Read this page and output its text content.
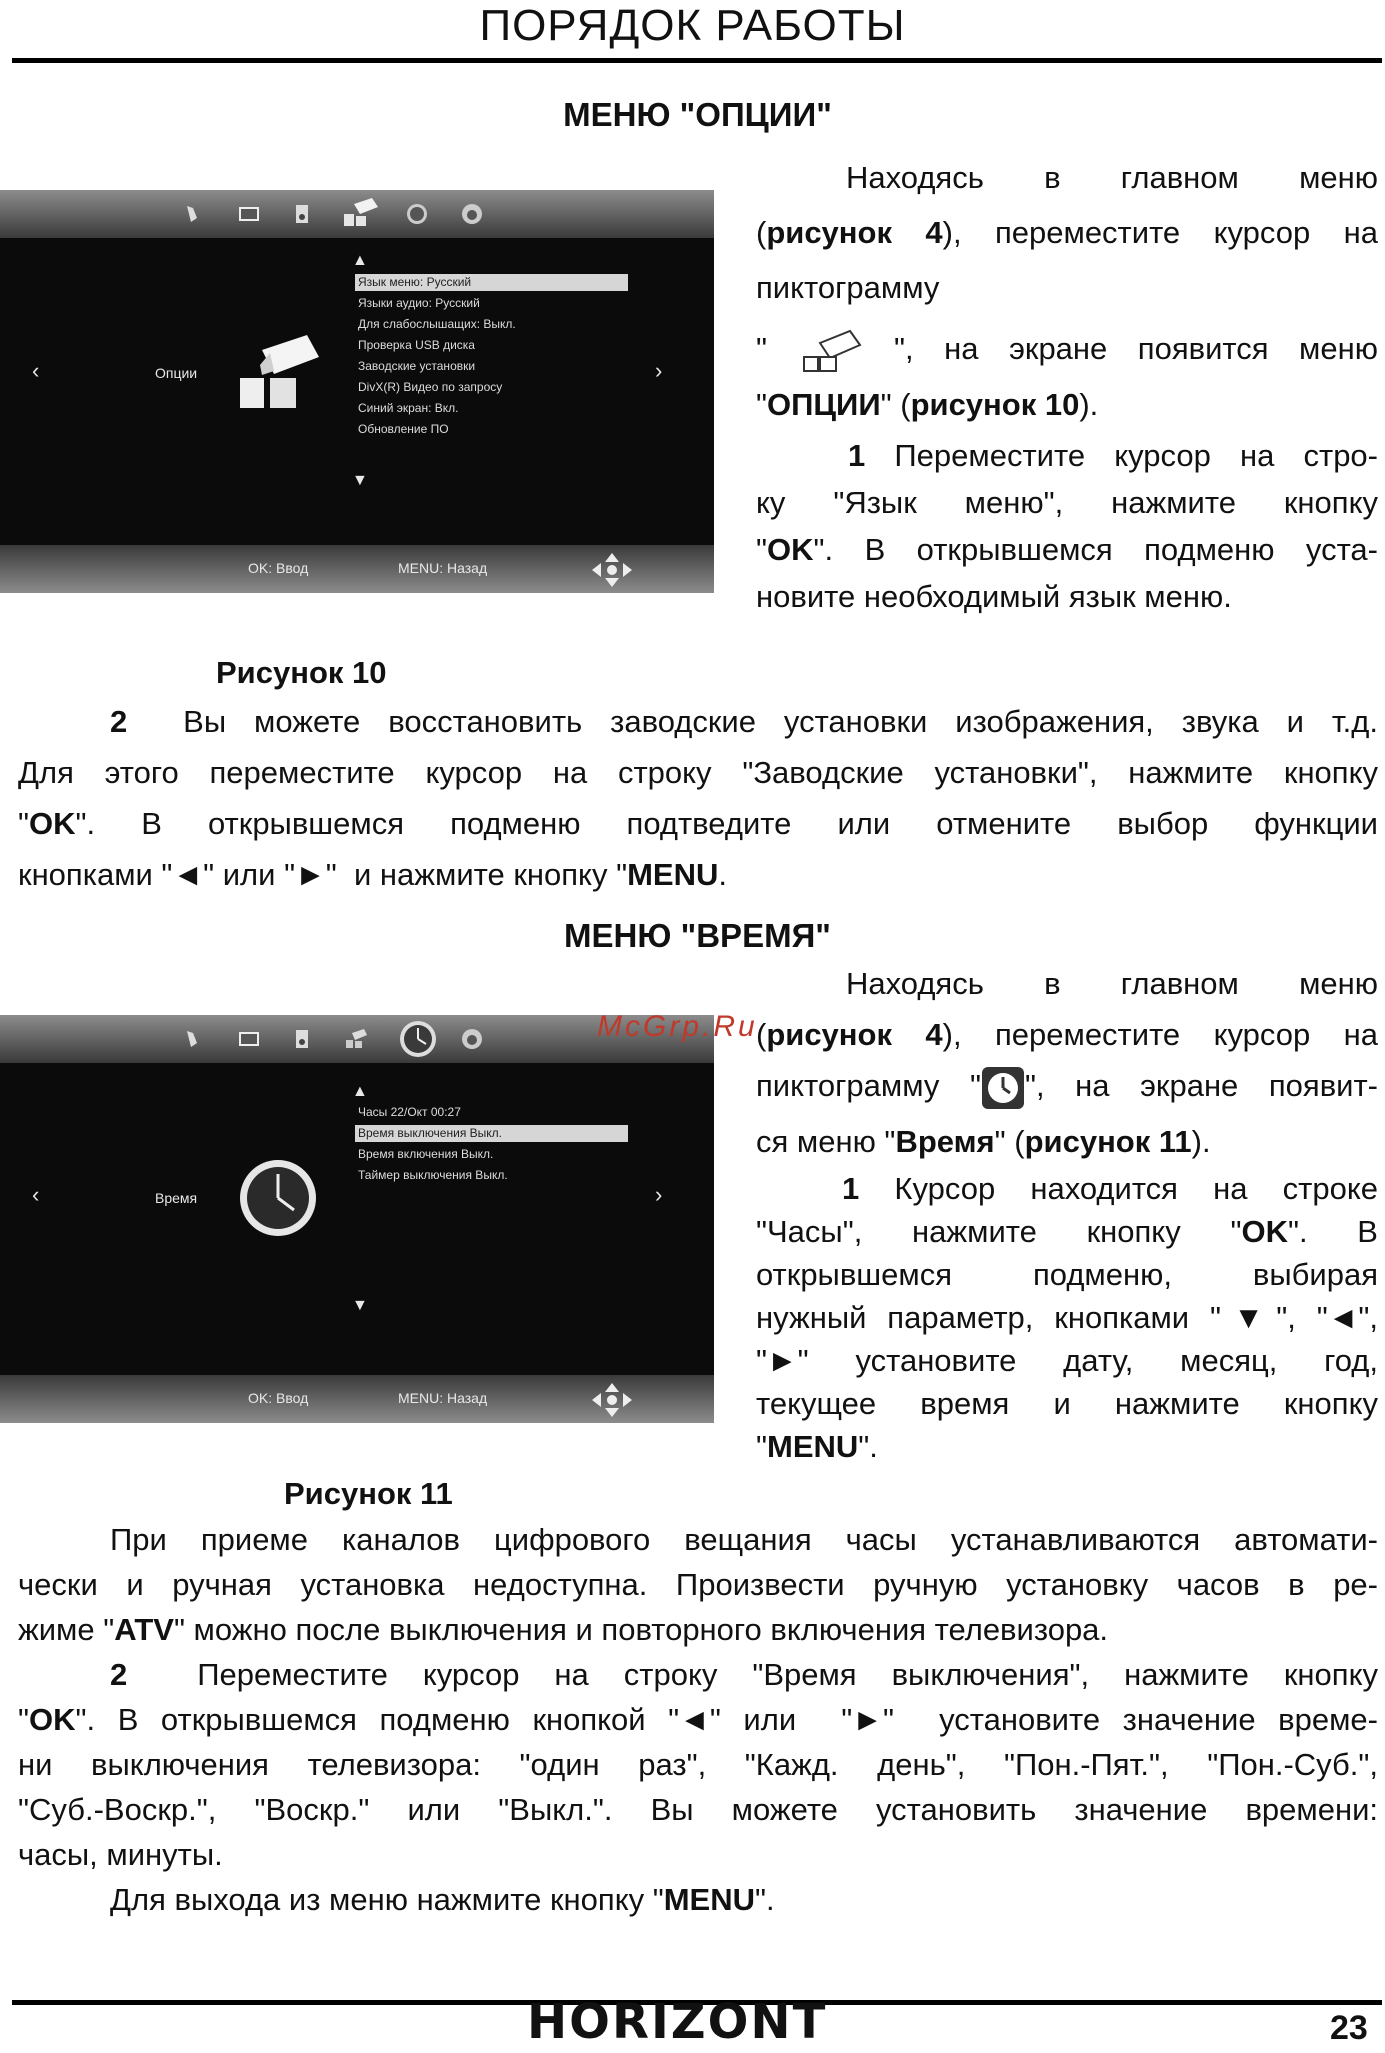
ПОРЯДОК РАБОТЫ
МЕНЮ "ОПЦИИ"
‹	›
Опции
▲
Язык меню: Русский
Языки аудио: Русский
Для слабослышащих: Выкл.
Проверка USB диска
Заводские установки
DivX(R) Видео по запросу
Синий экран: Вкл.
Обновление ПО
▼
OK: Ввод	MENU: Назад
Находясь в главном меню
(рисунок 4), переместите курсор на
пиктограмму
"  ", на экране появится меню
"ОПЦИИ" (рисунок 10).
1 Переместите курсор на стро-
ку "Язык меню", нажмите кнопку
"OK". В открывшемся подменю уста-
новите необходимый язык меню.
Рисунок 10
2  Вы можете восстановить заводские установки изображения, звука и т.д.
Для этого переместите курсор на строку "Заводские установки", нажмите кнопку
"OK". В открывшемся подменю подтведите или отмените выбор функции
кнопками "◄" или "►"  и нажмите кнопку "MENU.
МЕНЮ "ВРЕМЯ"
‹	›
Время
▲
Часы 22/Окт 00:27
Время выключения Выкл.
Время включения Выкл.
Таймер выключения Выкл.
▼
OK: Ввод	MENU: Назад
McGrp.Ru
Находясь в главном меню
(рисунок 4), переместите курсор на
пиктограмму " ", на экране появит-
ся меню "Время" (рисунок 11).
1 Курсор находится на строке
"Часы", нажмите кнопку "OK". В
открывшемся подменю, выбирая
нужный параметр, кнопками "▼", "◄",
"►" установите дату, месяц, год,
текущее время и нажмите кнопку
"MENU".
Рисунок 11
При приеме каналов цифрового вещания часы устанавливаются автомати-
чески и ручная установка недоступна. Произвести ручную установку часов в ре-
жиме "ATV" можно после выключения и повторного включения телевизора.
2  Переместите курсор на строку "Время выключения", нажмите кнопку
"OK". В открывшемся подменю кнопкой "◄" или  "►"  установите значение време-
ни выключения телевизора: "один раз", "Кажд. день", "Пон.-Пят.", "Пон.-Суб.",
"Суб.-Воскр.", "Воскр." или "Выкл.". Вы можете установить значение времени:
часы, минуты.
Для выхода из меню нажмите кнопку "MENU".
HORIZONT	23
